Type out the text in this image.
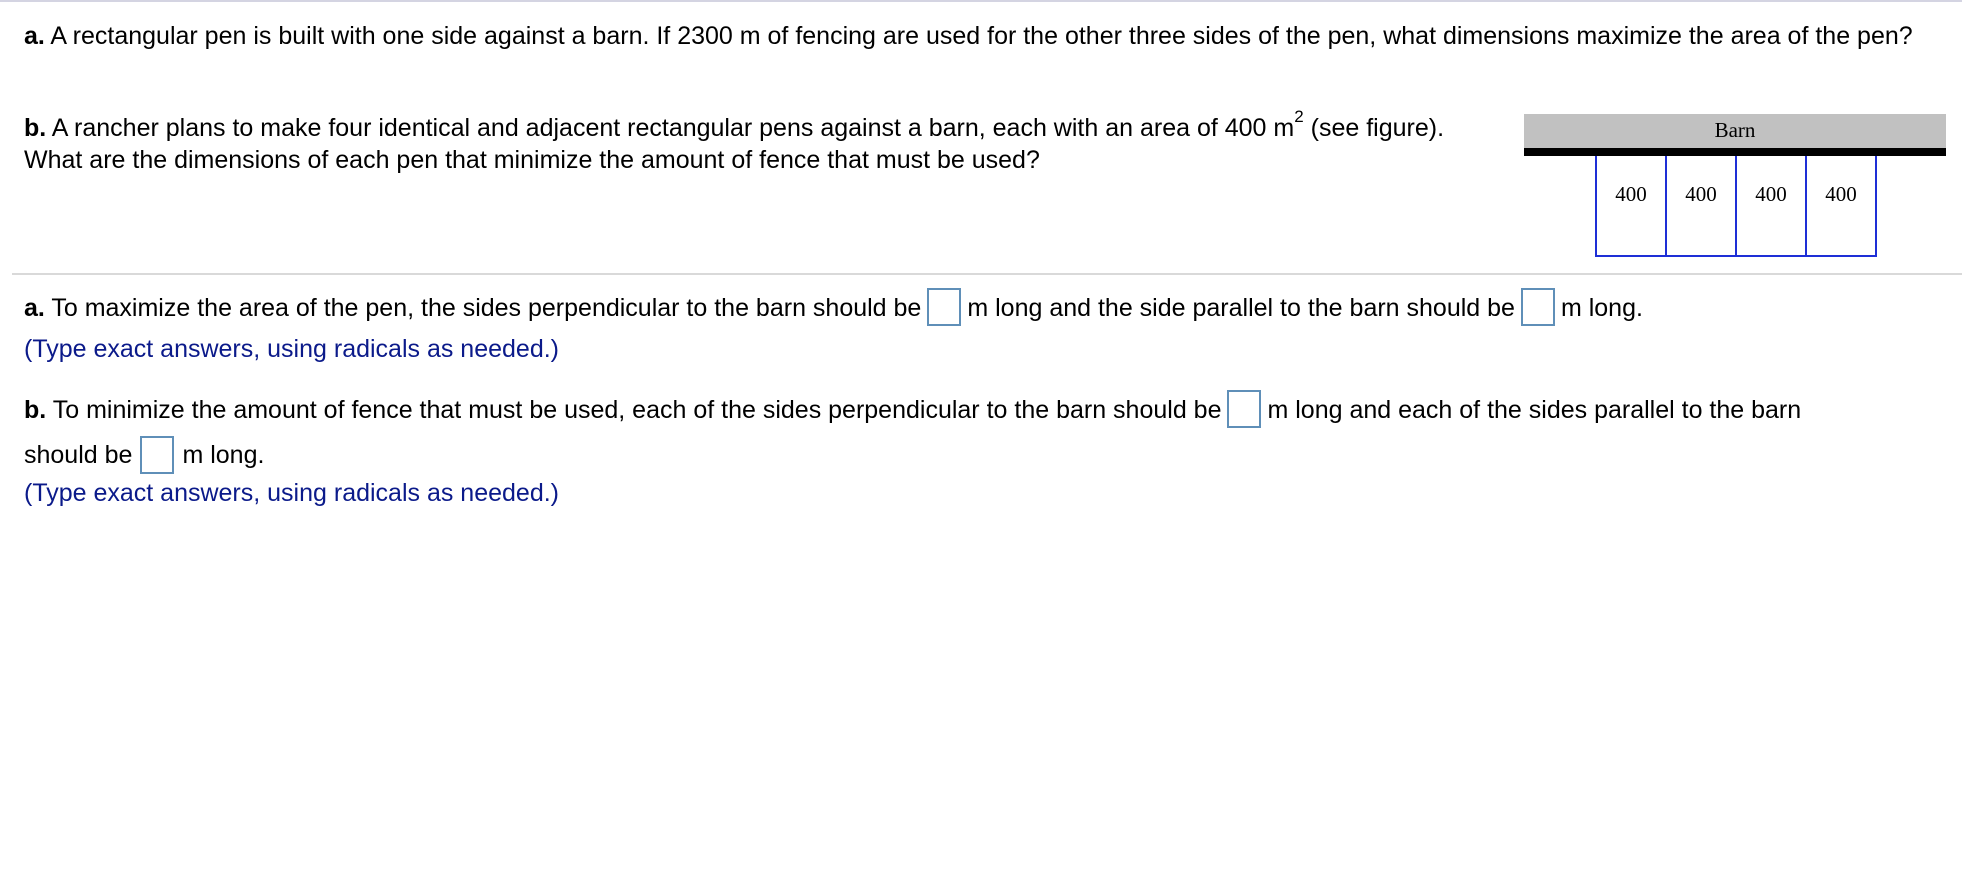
a. A rectangular pen is built with one side against a barn. If 2300 m of fencing are used for the other three sides of the pen, what dimensions maximize the area of the pen?

b. A rancher plans to make four identical and adjacent rectangular pens against a barn, each with an area of 400 $m^2$ (see figure).
What are the dimensions of each pen that minimize the amount of fence that must be used?
Barn
400	400	400	400
a. To maximize the area of the pen, the sides perpendicular to the barn should be m long and the side parallel to the barn should be m long.
(Type exact answers, using radicals as needed.)
b. To minimize the amount of fence that must be used, each of the sides perpendicular to the barn should be m long and each of the sides parallel to the barn
should be m long.
(Type exact answers, using radicals as needed.)
